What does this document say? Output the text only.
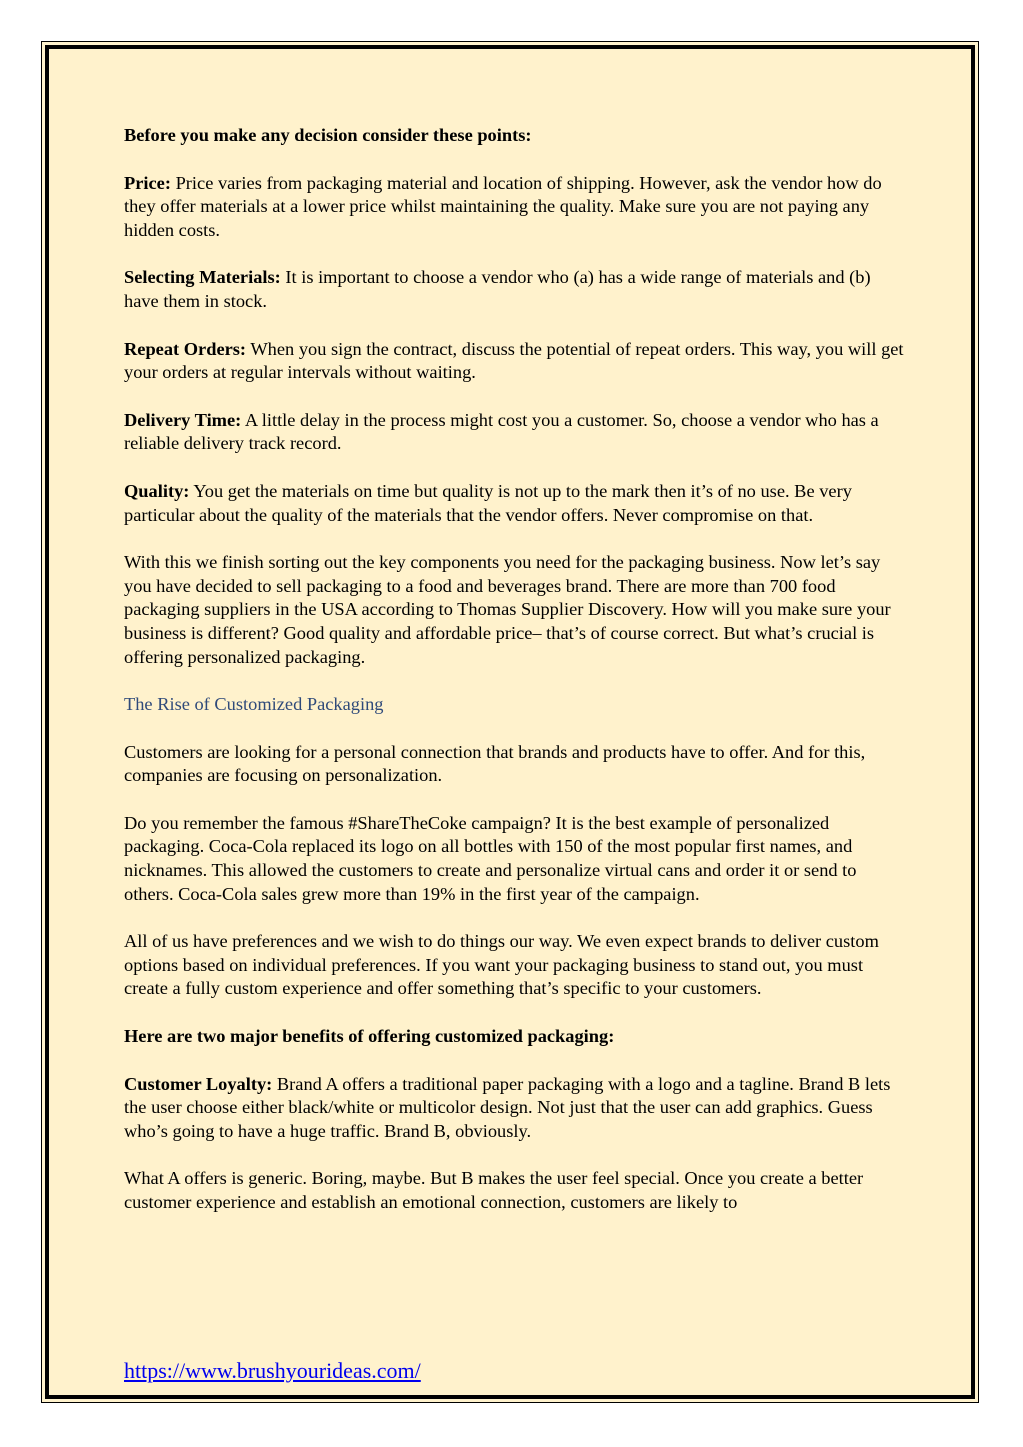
Before you make any decision consider these points:

Price: Price varies from packaging material and location of shipping. However, ask the vendor how do they offer materials at a lower price whilst maintaining the quality. Make sure you are not paying any hidden costs.

Selecting Materials: It is important to choose a vendor who (a) has a wide range of materials and (b) have them in stock.

Repeat Orders: When you sign the contract, discuss the potential of repeat orders. This way, you will get your orders at regular intervals without waiting.

Delivery Time: A little delay in the process might cost you a customer. So, choose a vendor who has a reliable delivery track record.

Quality: You get the materials on time but quality is not up to the mark then it’s of no use. Be very particular about the quality of the materials that the vendor offers. Never compromise on that.

With this we finish sorting out the key components you need for the packaging business. Now let’s say you have decided to sell packaging to a food and beverages brand. There are more than 700 food packaging suppliers in the USA according to Thomas Supplier Discovery. How will you make sure your business is different? Good quality and affordable price– that’s of course correct. But what’s crucial is offering personalized packaging.

The Rise of Customized Packaging

Customers are looking for a personal connection that brands and products have to offer. And for this, companies are focusing on personalization.

Do you remember the famous #ShareTheCoke campaign? It is the best example of personalized packaging. Coca-Cola replaced its logo on all bottles with 150 of the most popular first names, and nicknames. This allowed the customers to create and personalize virtual cans and order it or send to others. Coca-Cola sales grew more than 19% in the first year of the campaign.

All of us have preferences and we wish to do things our way. We even expect brands to deliver custom options based on individual preferences. If you want your packaging business to stand out, you must create a fully custom experience and offer something that’s specific to your customers.

Here are two major benefits of offering customized packaging:

Customer Loyalty: Brand A offers a traditional paper packaging with a logo and a tagline. Brand B lets the user choose either black/white or multicolor design. Not just that the user can add graphics. Guess who’s going to have a huge traffic. Brand B, obviously.

What A offers is generic. Boring, maybe. But B makes the user feel special. Once you create a better customer experience and establish an emotional connection, customers are likely to

https://www.brushyourideas.com/
